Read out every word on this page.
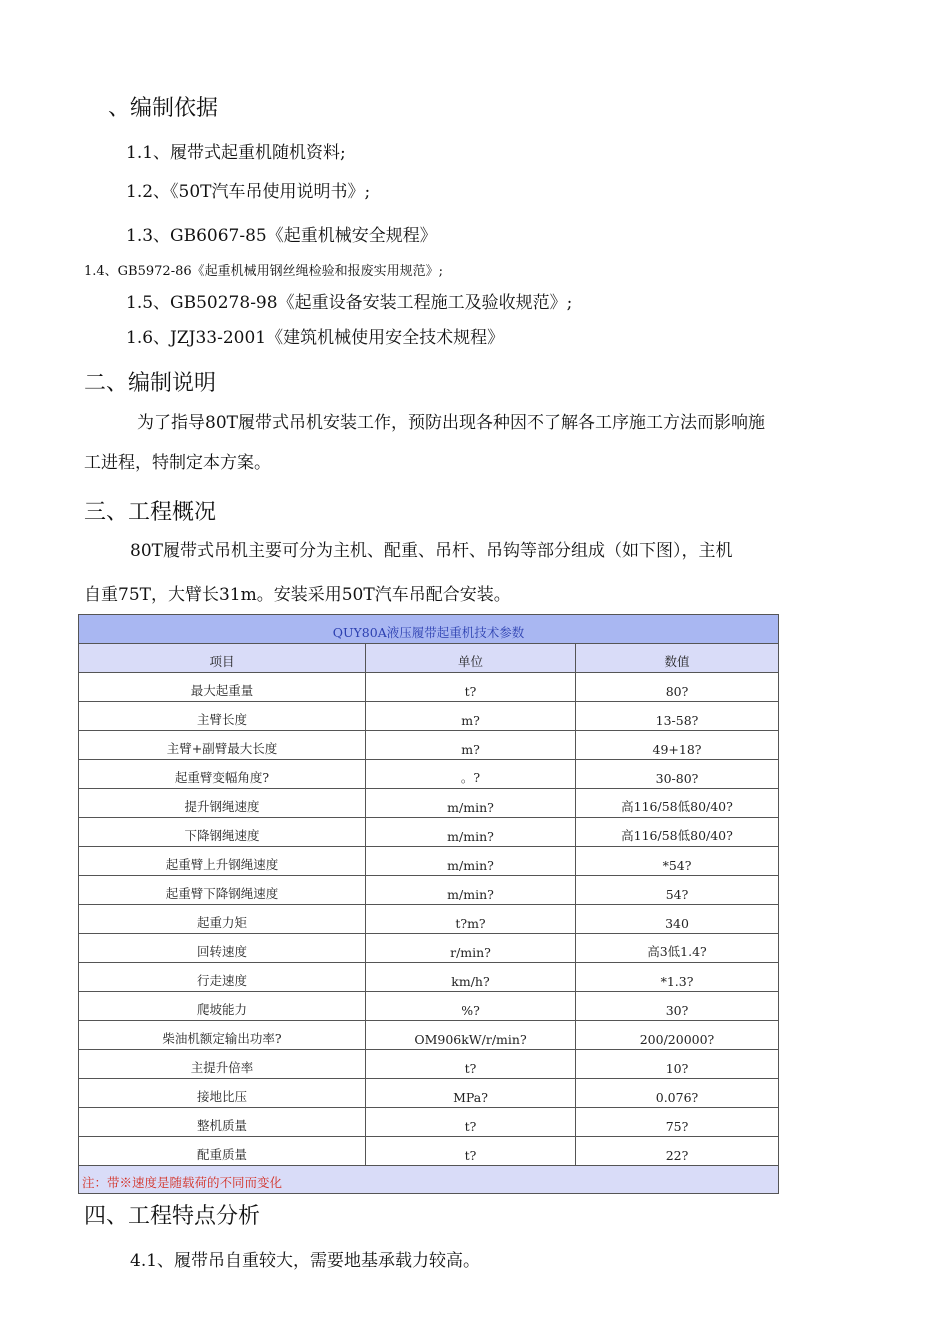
、编制依据
1.1、履带式起重机随机资料;
1.2、《50T汽车吊使用说明书》;
1.3、GB6067-85《起重机械安全规程》
1.4、GB5972-86《起重机械用钢丝绳检验和报废实用规范》;
1.5、GB50278-98《起重设备安装工程施工及验收规范》;
1.6、JZJ33-2001《建筑机械使用安全技术规程》
二、编制说明
为了指导80T履带式吊机安装工作，预防出现各种因不了解各工序施工方法而影响施
工进程，特制定本方案。
三、工程概况
80T履带式吊机主要可分为主机、配重、吊杆、吊钩等部分组成（如下图），主机
自重75T，大臂长31m。安装采用50T汽车吊配合安装。
QUY80A液压履带起重机技术参数		
项目	单位	数值
最大起重量	t?	80?
主臂长度	m?	13-58?
主臂+副臂最大长度	m?	49+18?
起重臂变幅角度?	。?	30-80?
提升钢绳速度	m/min?	高116/58低80/40?
下降钢绳速度	m/min?	高116/58低80/40?
起重臂上升钢绳速度	m/min?	*54?
起重臂下降钢绳速度	m/min?	54?
起重力矩	t?m?	340
回转速度	r/min?	高3低1.4?
行走速度	km/h?	*1.3?
爬坡能力	%?	30?
柴油机额定输出功率?	OM906kW/r/min?	200/20000?
主提升倍率	t?	10?
接地比压	MPa?	0.076?
整机质量	t?	75?
配重质量	t?	22?
注：带※速度是随载荷的不同而变化		
四、工程特点分析
4.1、履带吊自重较大，需要地基承载力较高。
